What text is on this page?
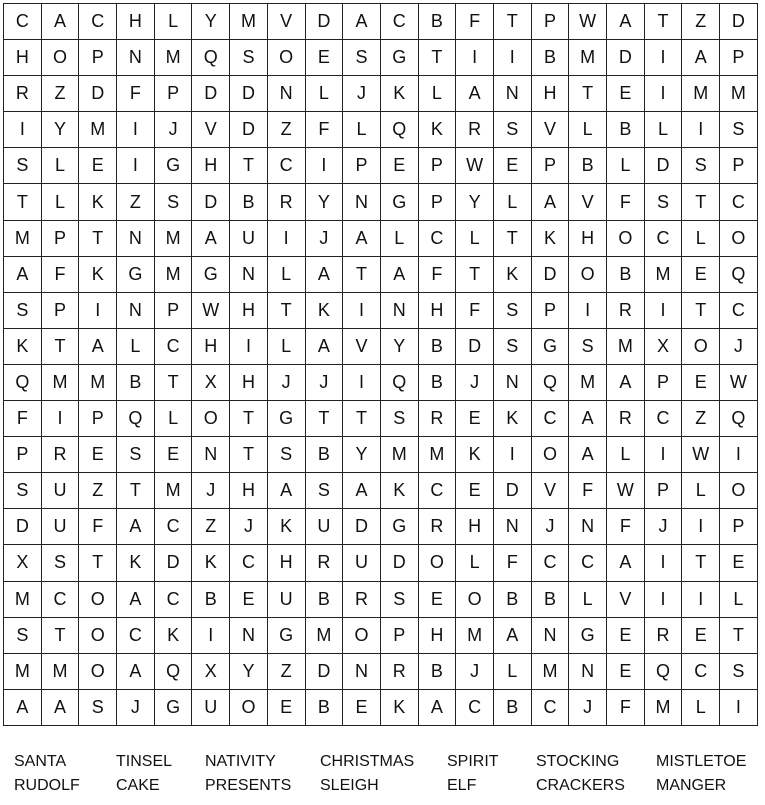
C	A	C	H	L	Y	M	V	D	A	C	B	F	T	P	W	A	T	Z	D
H	O	P	N	M	Q	S	O	E	S	G	T	I	I	B	M	D	I	A	P
R	Z	D	F	P	D	D	N	L	J	K	L	A	N	H	T	E	I	M	M
I	Y	M	I	J	V	D	Z	F	L	Q	K	R	S	V	L	B	L	I	S
S	L	E	I	G	H	T	C	I	P	E	P	W	E	P	B	L	D	S	P
T	L	K	Z	S	D	B	R	Y	N	G	P	Y	L	A	V	F	S	T	C
M	P	T	N	M	A	U	I	J	A	L	C	L	T	K	H	O	C	L	O
A	F	K	G	M	G	N	L	A	T	A	F	T	K	D	O	B	M	E	Q
S	P	I	N	P	W	H	T	K	I	N	H	F	S	P	I	R	I	T	C
K	T	A	L	C	H	I	L	A	V	Y	B	D	S	G	S	M	X	O	J
Q	M	M	B	T	X	H	J	J	I	Q	B	J	N	Q	M	A	P	E	W
F	I	P	Q	L	O	T	G	T	T	S	R	E	K	C	A	R	C	Z	Q
P	R	E	S	E	N	T	S	B	Y	M	M	K	I	O	A	L	I	W	I
S	U	Z	T	M	J	H	A	S	A	K	C	E	D	V	F	W	P	L	O
D	U	F	A	C	Z	J	K	U	D	G	R	H	N	J	N	F	J	I	P
X	S	T	K	D	K	C	H	R	U	D	O	L	F	C	C	A	I	T	E
M	C	O	A	C	B	E	U	B	R	S	E	O	B	B	L	V	I	I	L
S	T	O	C	K	I	N	G	M	O	P	H	M	A	N	G	E	R	E	T
M	M	O	A	Q	X	Y	Z	D	N	R	B	J	L	M	N	E	Q	C	S
A	A	S	J	G	U	O	E	B	E	K	A	C	B	C	J	F	M	L	I
SANTA	TINSEL	NATIVITY	CHRISTMAS	SPIRIT	STOCKING	MISTLETOE
RUDOLF	CAKE	PRESENTS	SLEIGH	ELF	CRACKERS	MANGER
